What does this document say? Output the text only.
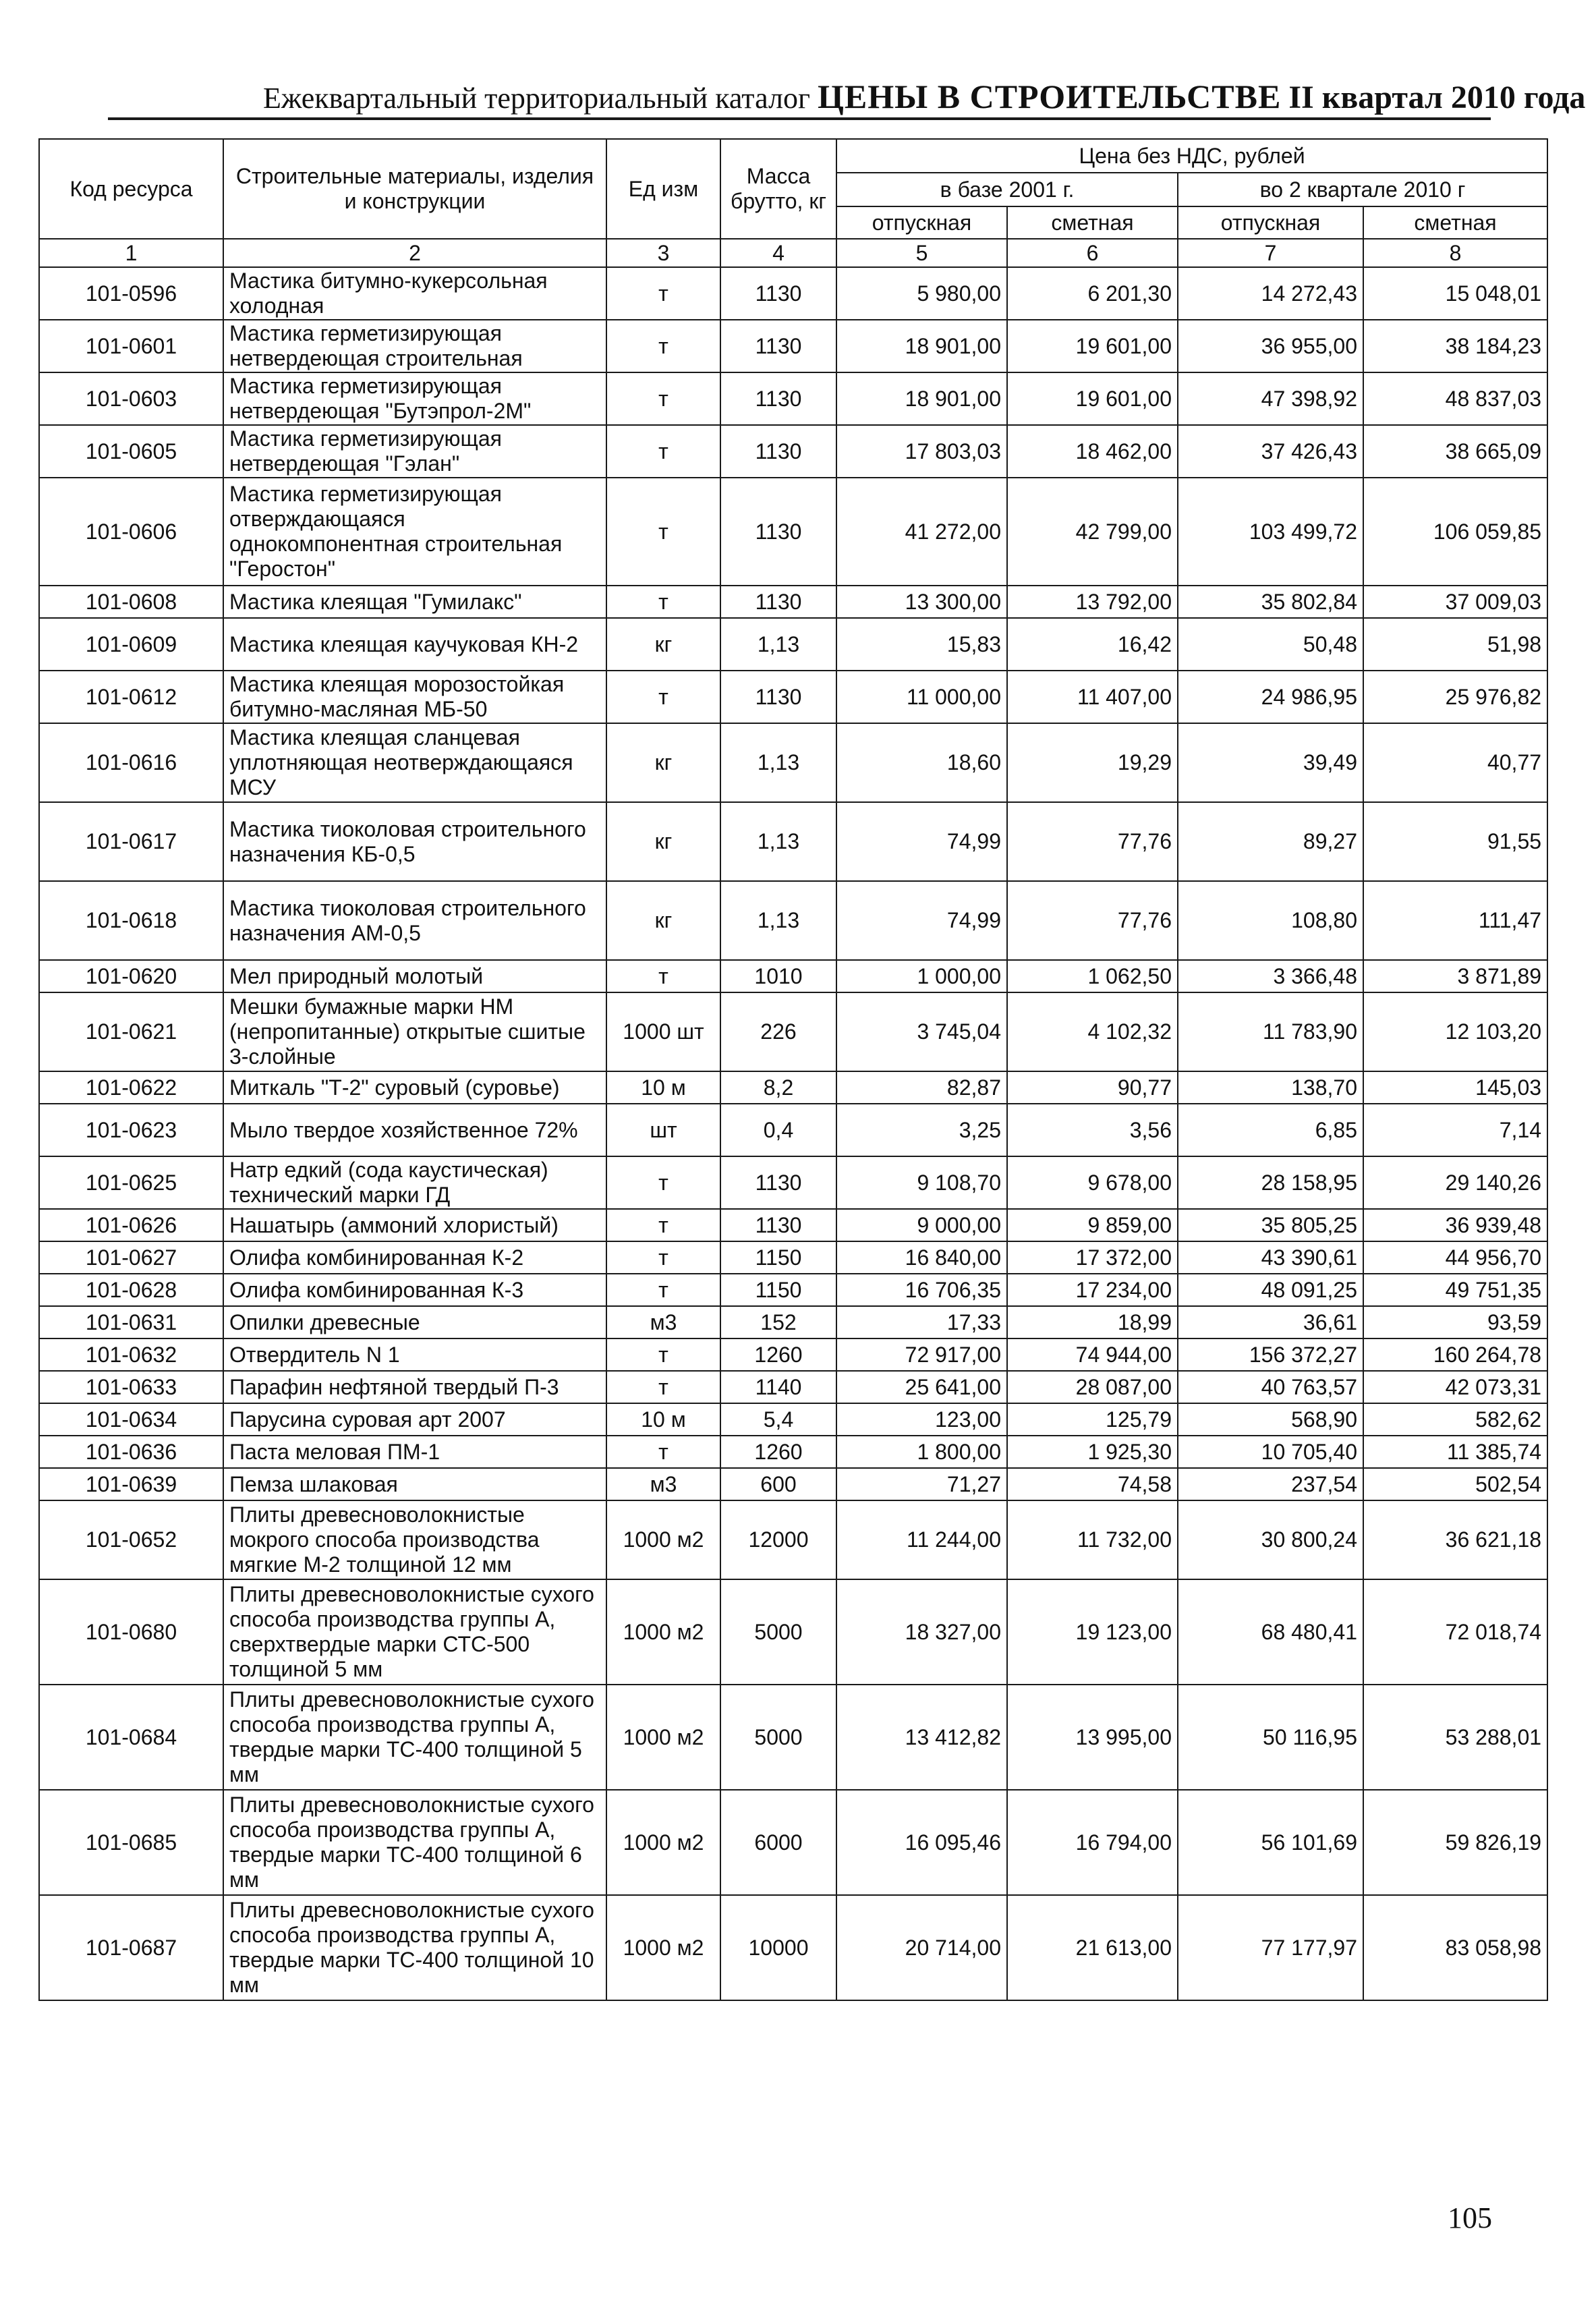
Ежеквартальный территориальный каталог ЦЕНЫ В СТРОИТЕЛЬСТВЕ II квартал 2010 года
Код ресурса	Строительные материалы, изделия и конструкции	Ед изм	Масса брутто, кг	Цена без НДС, рублей			
				в базе 2001 г.		во 2 квартале 2010 г	
				отпускная	сметная	отпускная	сметная
1	2	3	4	5	6	7	8
101-0596	Мастика битумно-кукерсольная холодная	т	1130	5 980,00	6 201,30	14 272,43	15 048,01
101-0601	Мастика герметизирующая нетвердеющая строительная	т	1130	18 901,00	19 601,00	36 955,00	38 184,23
101-0603	Мастика герметизирующая нетвердеющая "Бутэпрол-2М"	т	1130	18 901,00	19 601,00	47 398,92	48 837,03
101-0605	Мастика герметизирующая нетвердеющая "Гэлан"	т	1130	17 803,03	18 462,00	37 426,43	38 665,09
101-0606	Мастика герметизирующая отверждающаяся однокомпонентная строительная "Геростон"	т	1130	41 272,00	42 799,00	103 499,72	106 059,85
101-0608	Мастика клеящая "Гумилакс"	т	1130	13 300,00	13 792,00	35 802,84	37 009,03
101-0609	Мастика клеящая каучуковая КН-2	кг	1,13	15,83	16,42	50,48	51,98
101-0612	Мастика клеящая морозостойкая битумно-масляная МБ-50	т	1130	11 000,00	11 407,00	24 986,95	25 976,82
101-0616	Мастика клеящая сланцевая уплотняющая неотверждающаяся МСУ	кг	1,13	18,60	19,29	39,49	40,77
101-0617	Мастика тиоколовая строительного назначения КБ-0,5	кг	1,13	74,99	77,76	89,27	91,55
101-0618	Мастика тиоколовая строительного назначения АМ-0,5	кг	1,13	74,99	77,76	108,80	111,47
101-0620	Мел природный молотый	т	1010	1 000,00	1 062,50	3 366,48	3 871,89
101-0621	Мешки бумажные марки НМ (непропитанные) открытые сшитые 3-слойные	1000 шт	226	3 745,04	4 102,32	11 783,90	12 103,20
101-0622	Миткаль "Т-2" суровый (суровье)	10 м	8,2	82,87	90,77	138,70	145,03
101-0623	Мыло твердое хозяйственное 72%	шт	0,4	3,25	3,56	6,85	7,14
101-0625	Натр едкий (сода каустическая) технический марки ГД	т	1130	9 108,70	9 678,00	28 158,95	29 140,26
101-0626	Нашатырь (аммоний хлористый)	т	1130	9 000,00	9 859,00	35 805,25	36 939,48
101-0627	Олифа комбинированная К-2	т	1150	16 840,00	17 372,00	43 390,61	44 956,70
101-0628	Олифа комбинированная К-3	т	1150	16 706,35	17 234,00	48 091,25	49 751,35
101-0631	Опилки древесные	м3	152	17,33	18,99	36,61	93,59
101-0632	Отвердитель N 1	т	1260	72 917,00	74 944,00	156 372,27	160 264,78
101-0633	Парафин нефтяной твердый П-3	т	1140	25 641,00	28 087,00	40 763,57	42 073,31
101-0634	Парусина суровая арт 2007	10 м	5,4	123,00	125,79	568,90	582,62
101-0636	Паста меловая ПМ-1	т	1260	1 800,00	1 925,30	10 705,40	11 385,74
101-0639	Пемза шлаковая	м3	600	71,27	74,58	237,54	502,54
101-0652	Плиты древесноволокнистые мокрого способа производства мягкие М-2 толщиной 12 мм	1000 м2	12000	11 244,00	11 732,00	30 800,24	36 621,18
101-0680	Плиты древесноволокнистые сухого способа производства группы А, сверхтвердые марки СТС-500 толщиной 5 мм	1000 м2	5000	18 327,00	19 123,00	68 480,41	72 018,74
101-0684	Плиты древесноволокнистые сухого способа производства группы А, твердые марки ТС-400 толщиной 5 мм	1000 м2	5000	13 412,82	13 995,00	50 116,95	53 288,01
101-0685	Плиты древесноволокнистые сухого способа производства группы А, твердые марки ТС-400 толщиной 6 мм	1000 м2	6000	16 095,46	16 794,00	56 101,69	59 826,19
101-0687	Плиты древесноволокнистые сухого способа производства группы А, твердые марки ТС-400 толщиной 10 мм	1000 м2	10000	20 714,00	21 613,00	77 177,97	83 058,98
105
